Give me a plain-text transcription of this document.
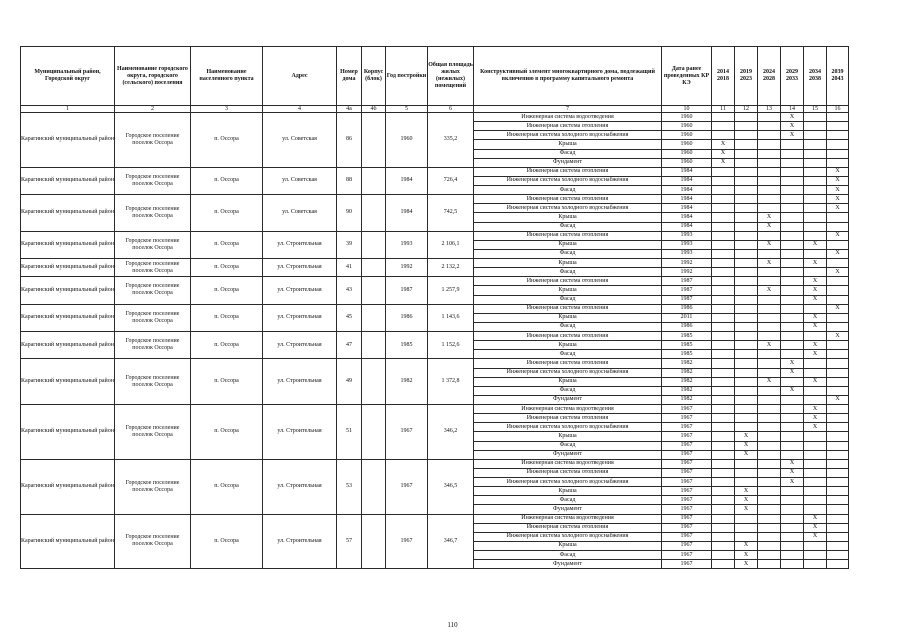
Муниципальный район, Городской округ	Наименование городского округа, городского (сельского) поселения	Наименование населенного пункта	Адрес	Номер дома	Корпус (блок)	Год постройки	Общая площадь жилых (нежилых) помещений	Конструктивный элемент многоквартирного дома, подлежащий включению в программу капитального ремонта	Дата ранее проведенных КР КЭ	2014 2018	2019 2023	2024 2028	2029 2033	2034 2038	2039 2043
1	2	3	4	4а	4б	5	6	7	10	11	12	13	14	15	16
Карагинский муниципальный район	Городское поселение поселок Оссора	п. Оссора	ул. Советская	86		1960	335,2	Инженерная система водоотведения	1960				X		
								Инженерная система отопления	1960				X		
								Инженерная система холодного водоснабжения	1960				X		
								Крыша	1960	X					
								Фасад	1960	X					
								Фундамент	1960	X					
Карагинский муниципальный район	Городское поселение поселок Оссора	п. Оссора	ул. Советская	88		1984	726,4	Инженерная система отопления	1984						X
								Инженерная система холодного водоснабжения	1984						X
								Фасад	1984						X
Карагинский муниципальный район	Городское поселение поселок Оссора	п. Оссора	ул. Советская	90		1984	742,5	Инженерная система отопления	1984						X
								Инженерная система холодного водоснабжения	1984						X
								Крыша	1984			X			
								Фасад	1984			X			
Карагинский муниципальный район	Городское поселение поселок Оссора	п. Оссора	ул. Строительная	39		1993	2 106,1	Инженерная система отопления	1993						X
								Крыша	1993			X		X	
								Фасад	1993						X
Карагинский муниципальный район	Городское поселение поселок Оссора	п. Оссора	ул. Строительная	41		1992	2 132,2	Крыша	1992			X		X	
								Фасад	1992						X
Карагинский муниципальный район	Городское поселение поселок Оссора	п. Оссора	ул. Строительная	43		1987	1 257,9	Инженерная система отопления	1987					X	
								Крыша	1987			X		X	
								Фасад	1987					X	
Карагинский муниципальный район	Городское поселение поселок Оссора	п. Оссора	ул. Строительная	45		1986	1 143,6	Инженерная система отопления	1986						X
								Крыша	2011					X	
								Фасад	1986					X	
Карагинский муниципальный район	Городское поселение поселок Оссора	п. Оссора	ул. Строительная	47		1985	1 152,6	Инженерная система отопления	1985						X
								Крыша	1985			X		X	
								Фасад	1985					X	
Карагинский муниципальный район	Городское поселение поселок Оссора	п. Оссора	ул. Строительная	49		1982	1 372,8	Инженерная система отопления	1982				X		
								Инженерная система холодного водоснабжения	1982				X		
								Крыша	1982			X		X	
								Фасад	1982				X		
								Фундамент	1982						X
Карагинский муниципальный район	Городское поселение поселок Оссора	п. Оссора	ул. Строительная	51		1967	346,2	Инженерная система водоотведения	1967					X	
								Инженерная система отопления	1967					X	
								Инженерная система холодного водоснабжения	1967					X	
								Крыша	1967		X				
								Фасад	1967		X				
								Фундамент	1967		X				
Карагинский муниципальный район	Городское поселение поселок Оссора	п. Оссора	ул. Строительная	53		1967	346,5	Инженерная система водоотведения	1967				X		
								Инженерная система отопления	1967				X		
								Инженерная система холодного водоснабжения	1967				X		
								Крыша	1967		X				
								Фасад	1967		X				
								Фундамент	1967		X				
Карагинский муниципальный район	Городское поселение поселок Оссора	п. Оссора	ул. Строительная	57		1967	346,7	Инженерная система водоотведения	1967					X	
								Инженерная система отопления	1967					X	
								Инженерная система холодного водоснабжения	1967					X	
								Крыша	1967		X				
								Фасад	1967		X				
								Фундамент	1967		X				
110
